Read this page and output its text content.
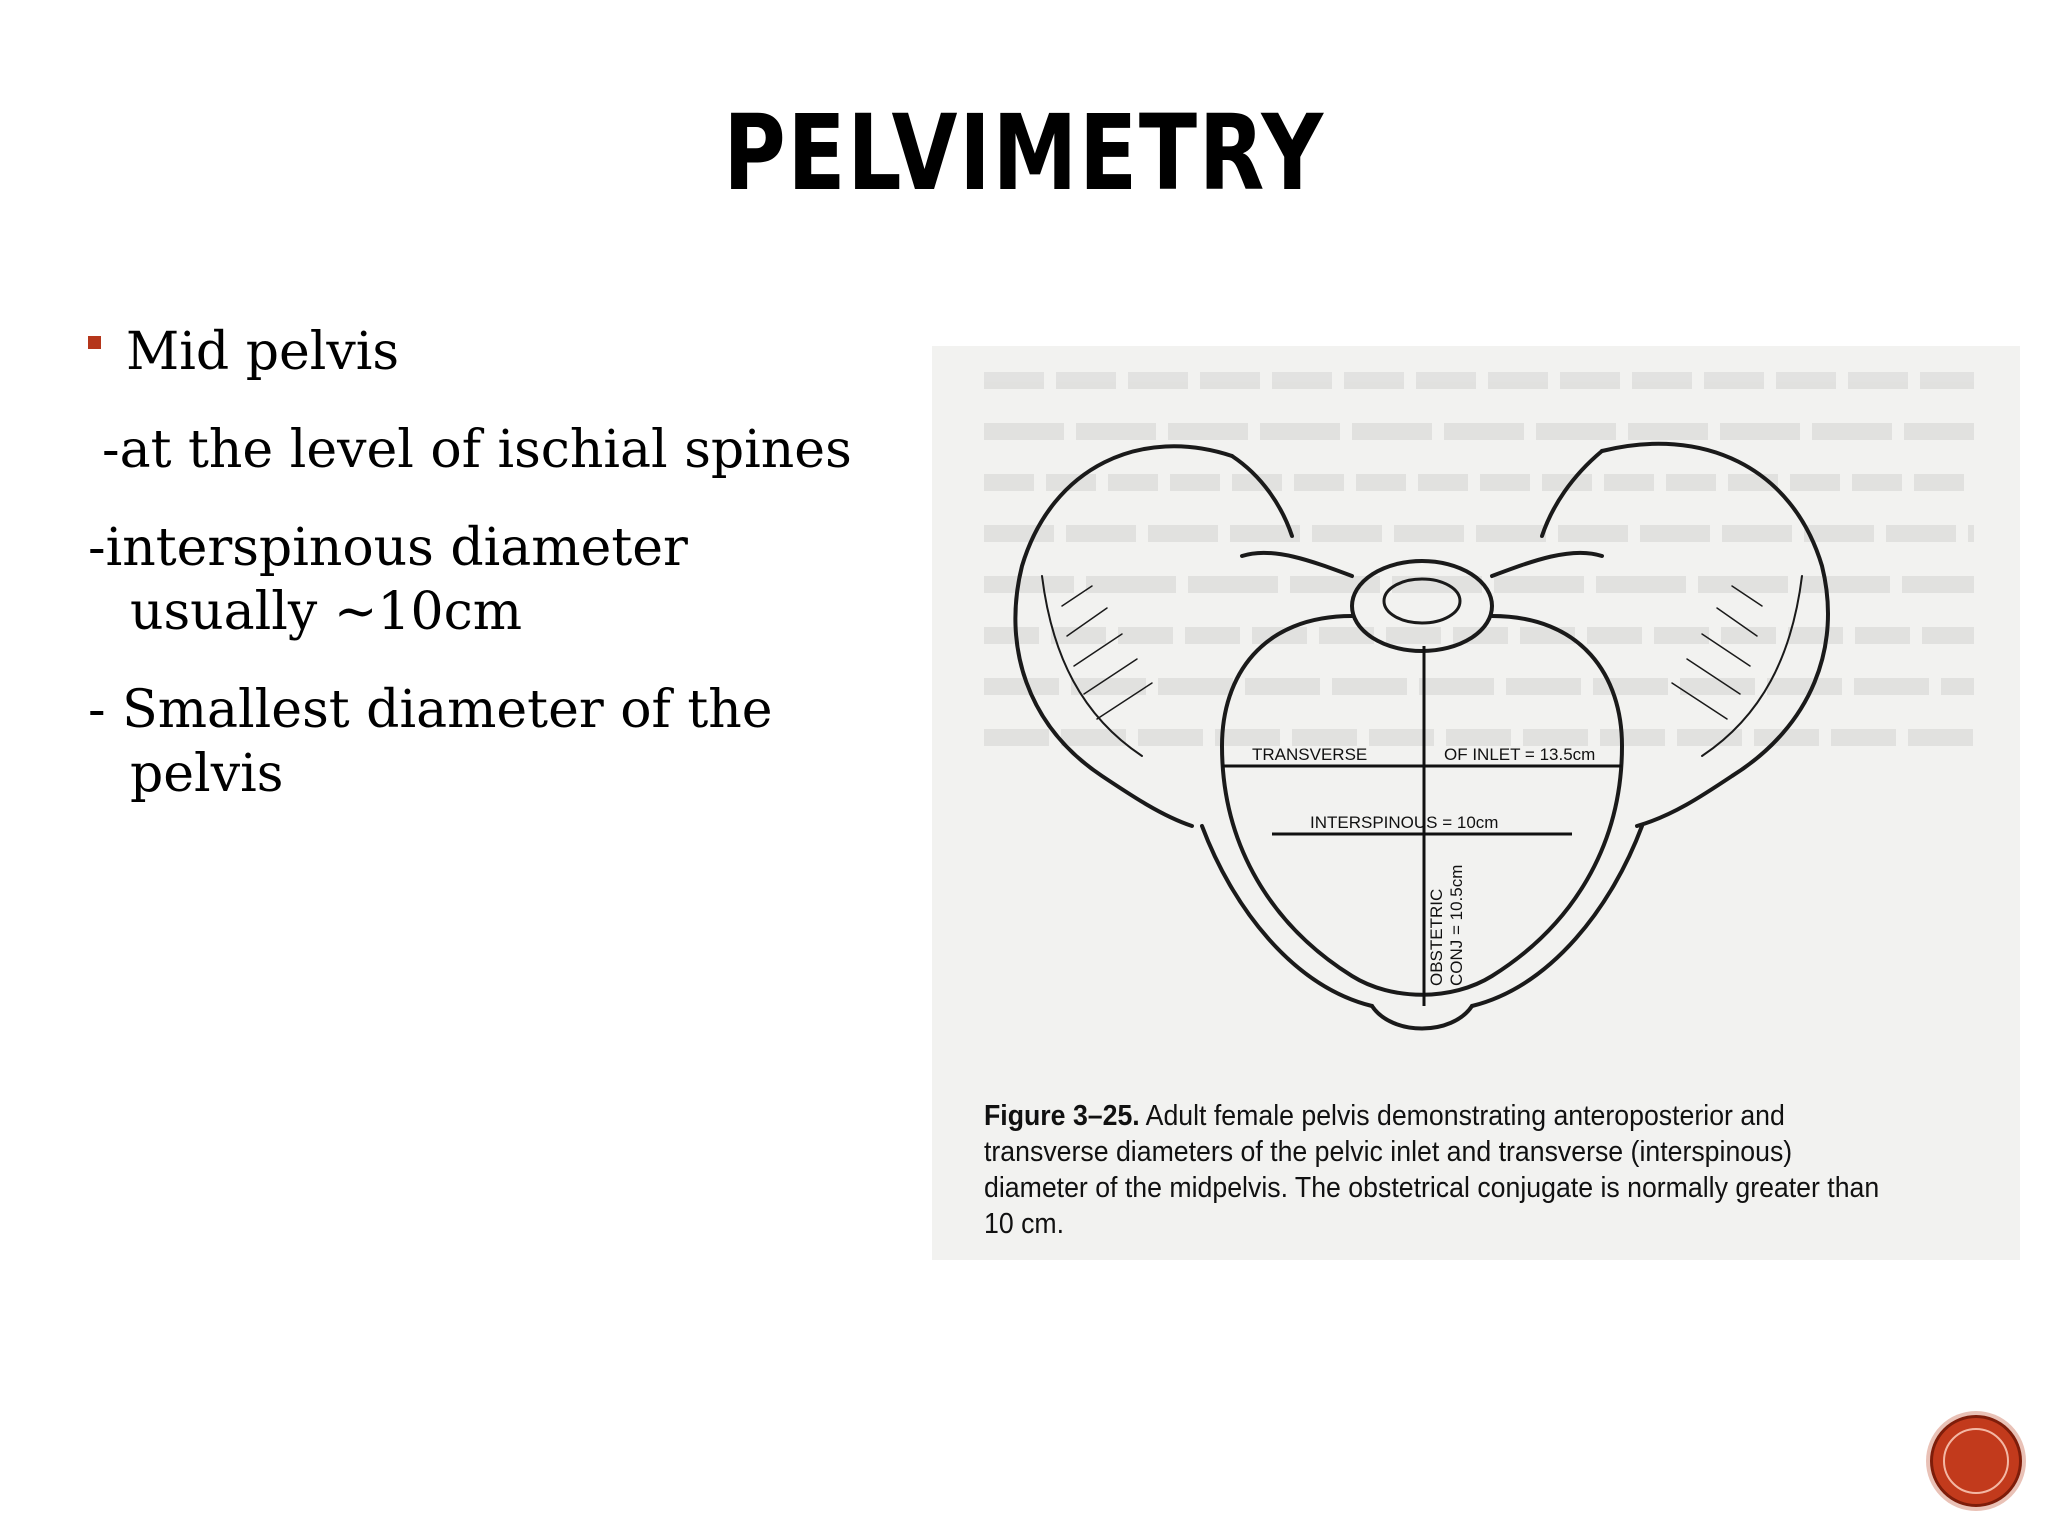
PELVIMETRY

Mid pelvis

-at the level of ischial spines

-interspinous diameter

usually ~10cm

- Smallest diameter of the

pelvis	TRANSVERSE	OF INLET = 13.5cm
INTERSPINOUS = 10cm
OBSTETRIC CONJ = 10.5cm
Figure 3–25. Adult female pelvis demonstrating anteroposterior and transverse diameters of the pelvic inlet and transverse (interspinous) diameter of the midpelvis. The obstetrical conjugate is normally greater than 10 cm.
